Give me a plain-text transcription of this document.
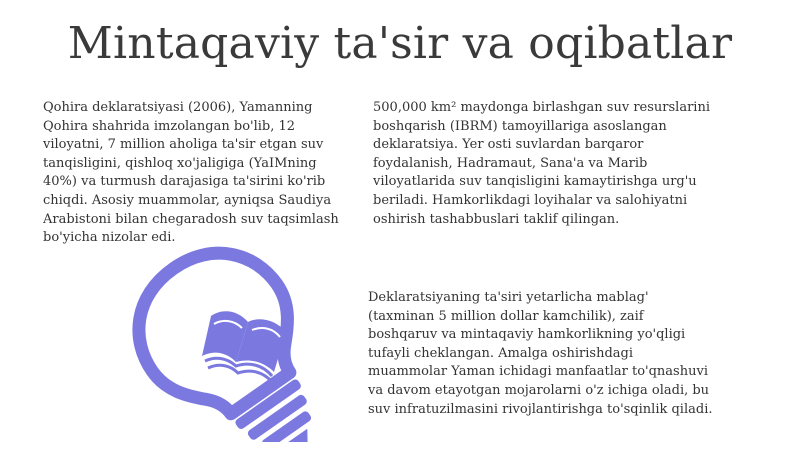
Mintaqaviy ta'sir va oqibatlar

Qohira deklaratsiyasi (2006), Yamanning Qohira shahrida imzolangan bo'lib, 12 viloyatni, 7 million aholiga ta'sir etgan suv tanqisligini, qishloq xo'jaligiga (YaIMning 40%) va turmush darajasiga ta'sirini ko'rib chiqdi. Asosiy muammolar, ayniqsa Saudiya Arabistoni bilan chegaradosh suv taqsimlash bo'yicha nizolar edi.

500,000 km² maydonga birlashgan suv resurslarini boshqarish (IBRM) tamoyillariga asoslangan deklaratsiya. Yer osti suvlardan barqaror foydalanish, Hadramaut, Sana'a va Marib viloyatlarida suv tanqisligini kamaytirishga urg'u beriladi. Hamkorlikdagi loyihalar va salohiyatni oshirish tashabbuslari taklif qilingan.

Deklaratsiyaning ta'siri yetarlicha mablag' (taxminan 5 million dollar kamchilik), zaif boshqaruv va mintaqaviy hamkorlikning yo'qligi tufayli cheklangan. Amalga oshirishdagi muammolar Yaman ichidagi manfaatlar to'qnashuvi va davom etayotgan mojarolarni o'z ichiga oladi, bu suv infratuzilmasini rivojlantirishga to'sqinlik qiladi.
